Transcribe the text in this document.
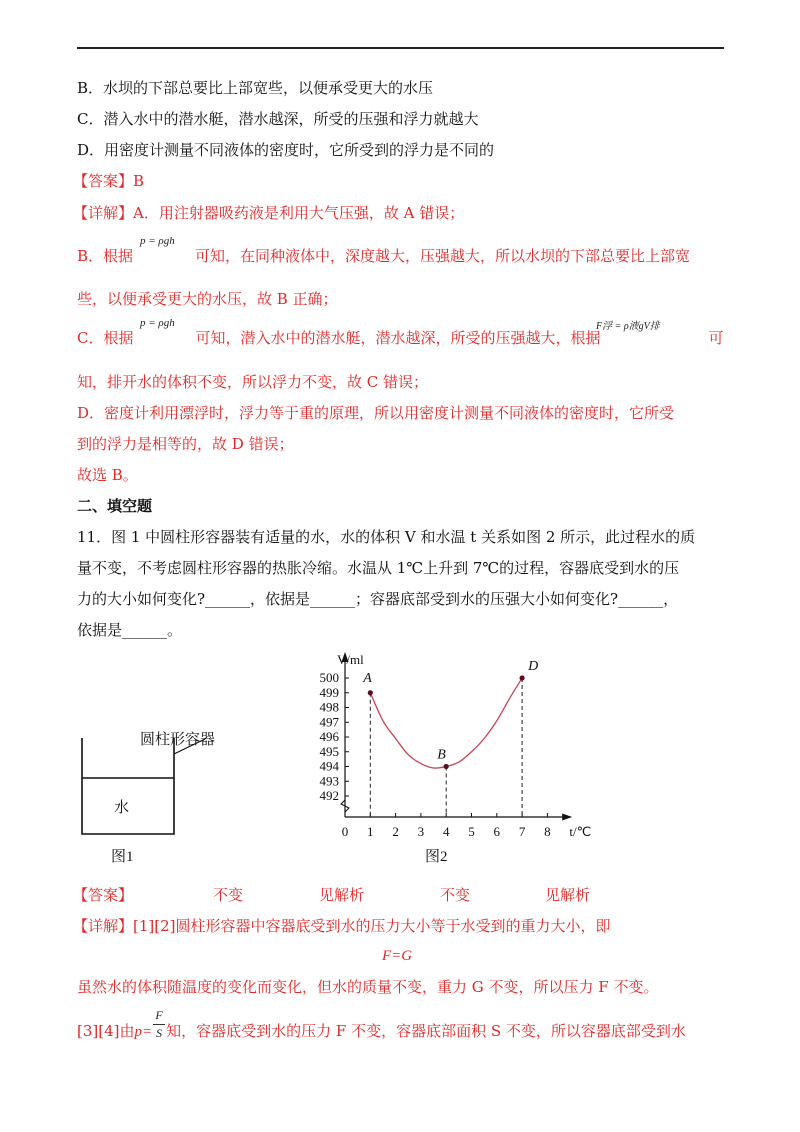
B．水坝的下部总要比上部宽些，以便承受更大的水压
C．潜入水中的潜水艇，潜水越深，所受的压强和浮力就越大
D．用密度计测量不同液体的密度时，它所受到的浮力是不同的
【答案】B
【详解】A．用注射器吸药液是利用大气压强，故 A 错误；
B．根据	可知，在同种液体中，深度越大，压强越大，所以水坝的下部总要比上部宽
p = ρgh
些，以便承受更大的水压，故 B 正确；
C．根据	可知，潜入水中的潜水艇，潜水越深，所受的压强越大，根据	可
p = ρgh	F浮 = ρ液gV排
知，排开水的体积不变，所以浮力不变，故 C 错误；
D．密度计利用漂浮时，浮力等于重的原理，所以用密度计测量不同液体的密度时，它所受
到的浮力是相等的，故 D 错误；
故选 B。
二、填空题
11．图 1 中圆柱形容器装有适量的水，水的体积 V 和水温 t 关系如图 2 所示，此过程水的质
量不变，不考虑圆柱形容器的热胀冷缩。水温从 1℃上升到 7℃的过程，容器底受到水的压
力的大小如何变化?______，依据是______；容器底部受到水的压强大小如何变化?______，
依据是______。
圆柱形容器
水
图1
492
493
494
495
496
497
498
499
500
0 1 2 3 4 5 6 7 8
V/ml
t/℃
A
B
D
图2
【答案】	不变	见解析	不变	见解析
【详解】[1][2]圆柱形容器中容器底受到水的压力大小等于水受到的重力大小，即
F=G
虽然水的体积随温度的变化而变化，但水的质量不变，重力 G 不变，所以压力 F 不变。
[3][4]由p= 知，容器底受到水的压力 F 不变，容器底部面积 S 不变，所以容器底部受到水
F
S
